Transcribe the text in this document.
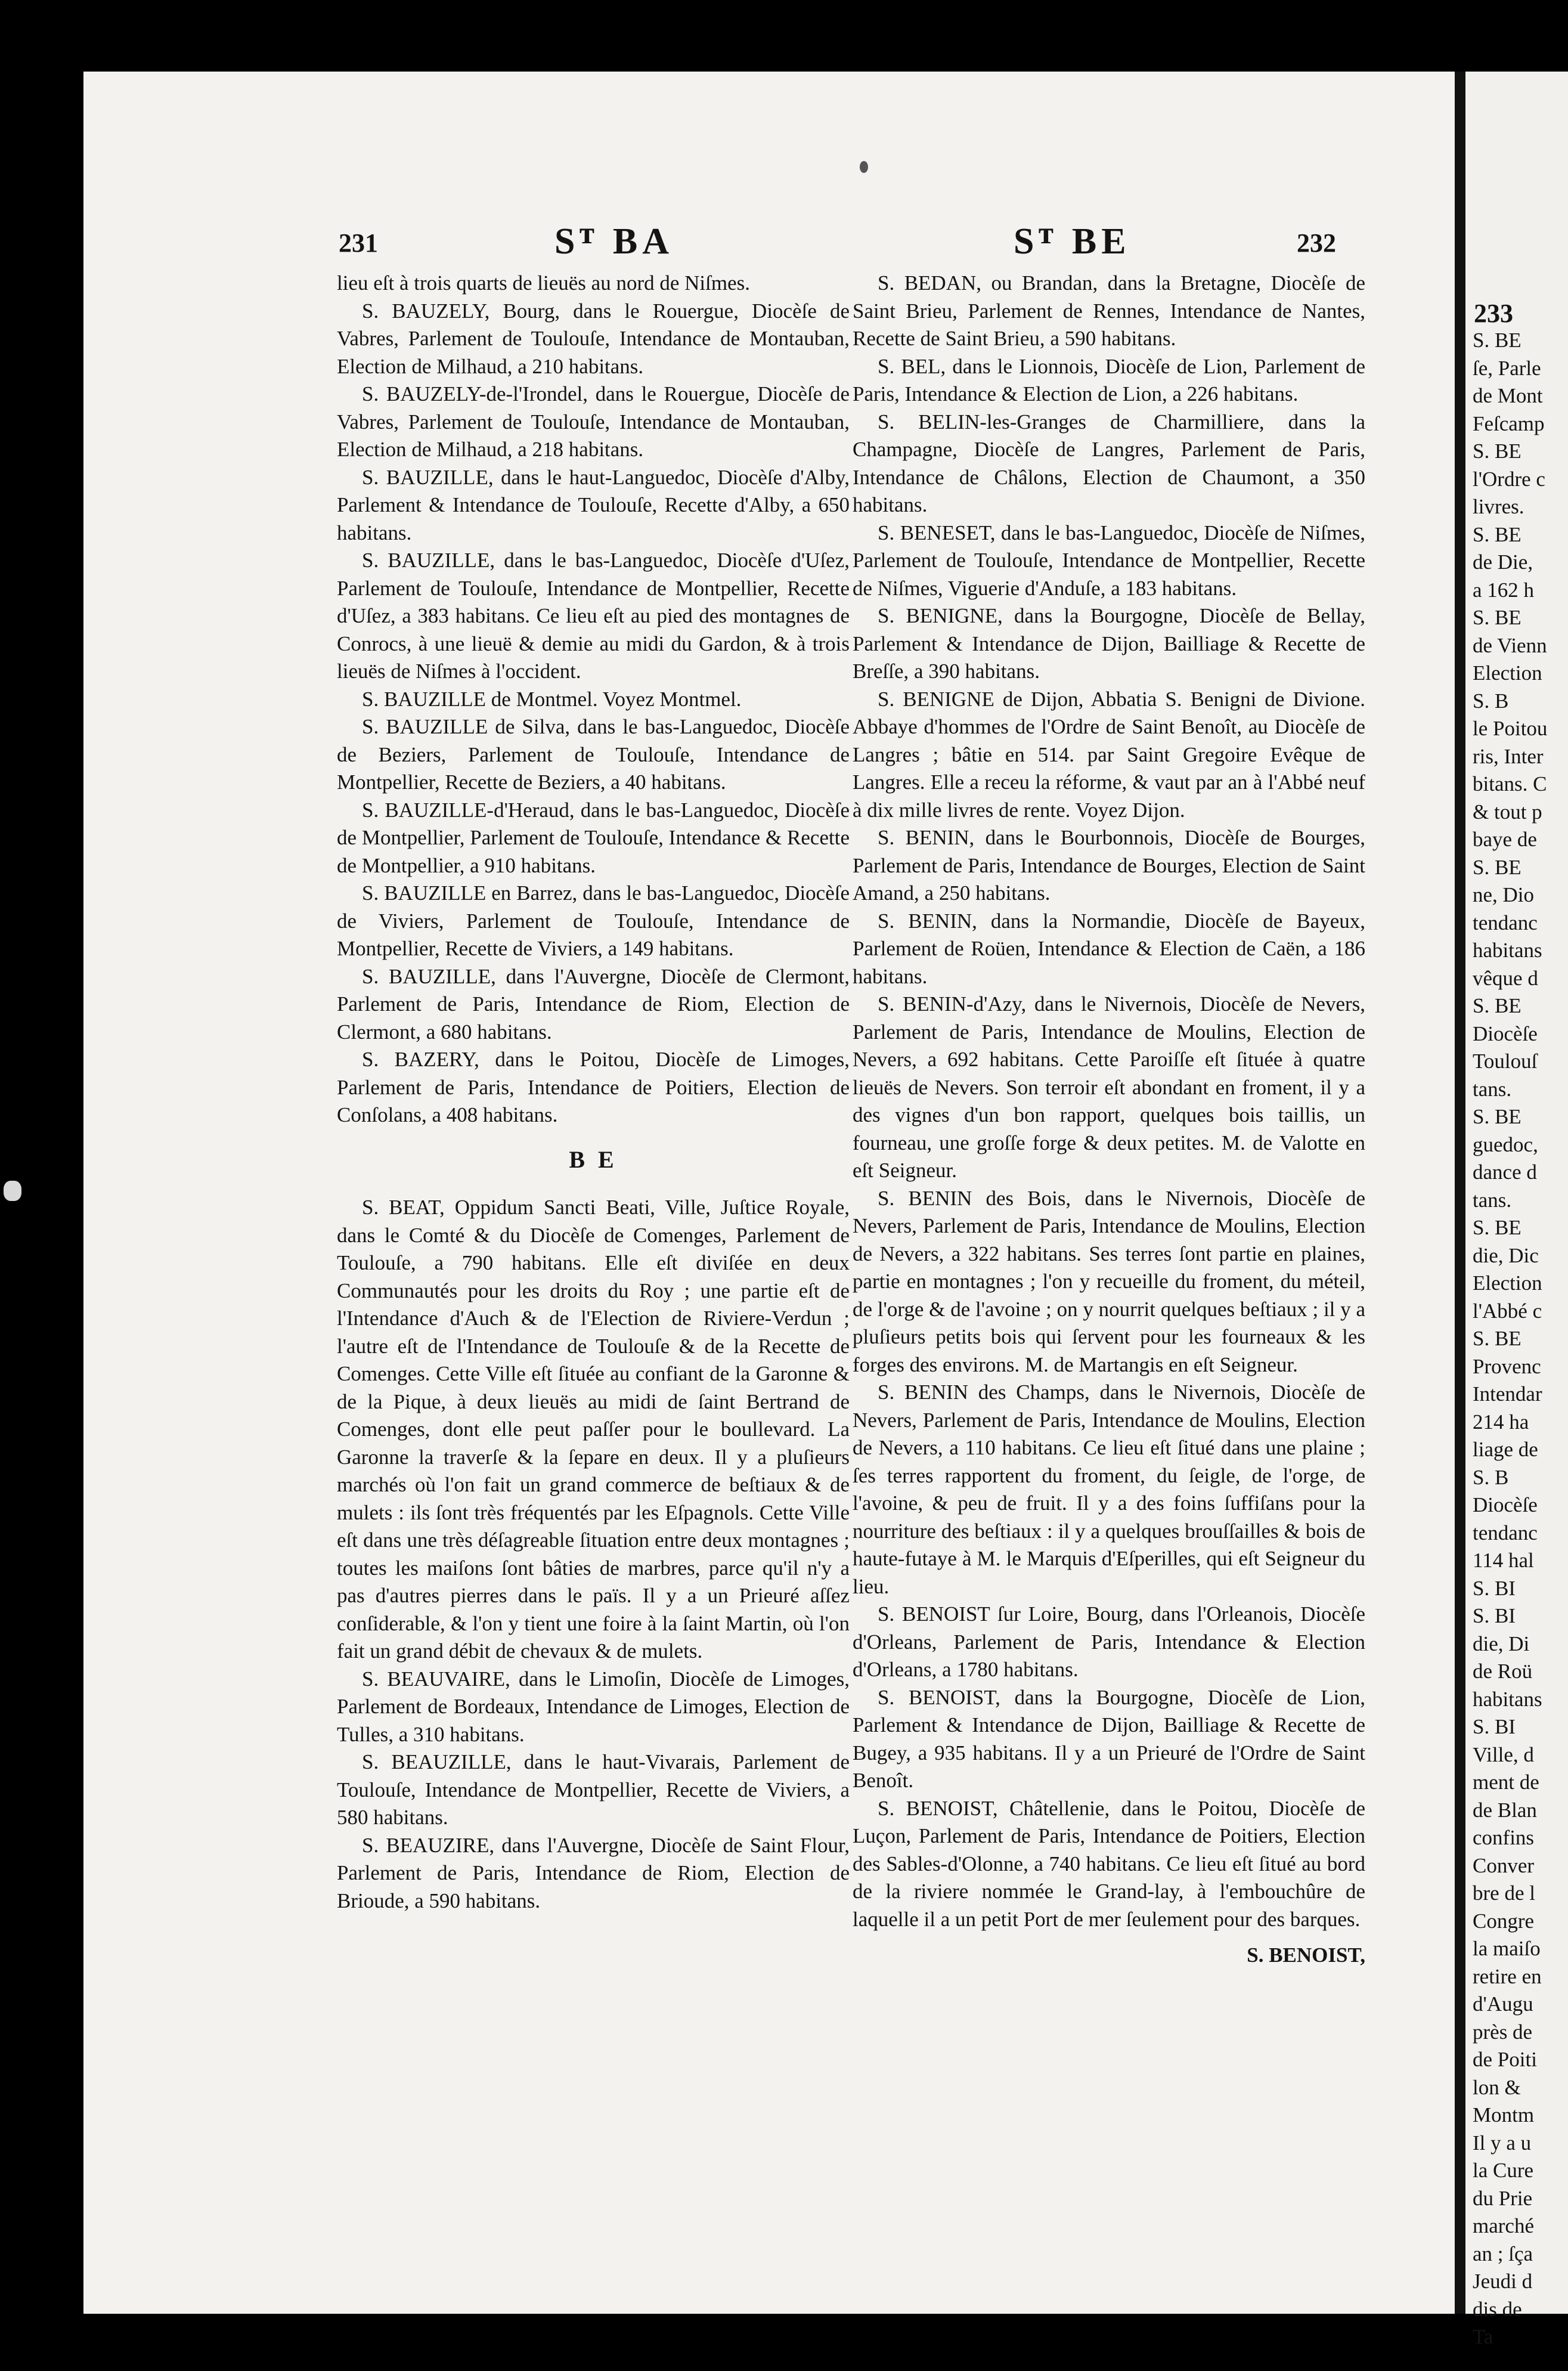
231	Sᵀ BA	Sᵀ BE	232

lieu eſt à trois quarts de lieuës au nord de Niſmes.

S. BAUZELY, Bourg, dans le Rouergue, Diocèſe de Vabres, Parlement de Toulouſe, Intendance de Montauban, Election de Milhaud, a 210 habitans.

S. BAUZELY-de-l'Irondel, dans le Rouergue, Diocèſe de Vabres, Parlement de Toulouſe, Intendance de Montauban, Election de Milhaud, a 218 habitans.

S. BAUZILLE, dans le haut-Languedoc, Diocèſe d'Alby, Parlement & Intendance de Toulouſe, Recette d'Alby, a 650 habitans.

S. BAUZILLE, dans le bas-Languedoc, Diocèſe d'Uſez, Parlement de Toulouſe, Intendance de Montpellier, Recette d'Uſez, a 383 habitans. Ce lieu eſt au pied des montagnes de Conrocs, à une lieuë & demie au midi du Gardon, & à trois lieuës de Niſmes à l'occident.

S. BAUZILLE de Montmel. Voyez Montmel.

S. BAUZILLE de Silva, dans le bas-Languedoc, Diocèſe de Beziers, Parlement de Toulouſe, Intendance de Montpellier, Recette de Beziers, a 40 habitans.

S. BAUZILLE-d'Heraud, dans le bas-Languedoc, Diocèſe de Montpellier, Parlement de Toulouſe, Intendance & Recette de Montpellier, a 910 habitans.

S. BAUZILLE en Barrez, dans le bas-Languedoc, Diocèſe de Viviers, Parlement de Toulouſe, Intendance de Montpellier, Recette de Viviers, a 149 habitans.

S. BAUZILLE, dans l'Auvergne, Diocèſe de Clermont, Parlement de Paris, Intendance de Riom, Election de Clermont, a 680 habitans.

S. BAZERY, dans le Poitou, Diocèſe de Limoges, Parlement de Paris, Intendance de Poitiers, Election de Conſolans, a 408 habitans.

B E

S. BEAT, Oppidum Sancti Beati, Ville, Juſtice Royale, dans le Comté & du Diocèſe de Comenges, Parlement de Toulouſe, a 790 habitans. Elle eſt diviſée en deux Communautés pour les droits du Roy ; une partie eſt de l'Intendance d'Auch & de l'Election de Riviere-Verdun ; l'autre eſt de l'Intendance de Toulouſe & de la Recette de Comenges. Cette Ville eſt ſituée au confiant de la Garonne & de la Pique, à deux lieuës au midi de ſaint Bertrand de Comenges, dont elle peut paſſer pour le boullevard. La Garonne la traverſe & la ſepare en deux. Il y a pluſieurs marchés où l'on fait un grand commerce de beſtiaux & de mulets : ils ſont très fréquentés par les Eſpagnols. Cette Ville eſt dans une très déſagreable ſituation entre deux montagnes ; toutes les maiſons ſont bâties de marbres, parce qu'il n'y a pas d'autres pierres dans le païs. Il y a un Prieuré aſſez conſiderable, & l'on y tient une foire à la ſaint Martin, où l'on fait un grand débit de chevaux & de mulets.

S. BEAUVAIRE, dans le Limoſin, Diocèſe de Limoges, Parlement de Bordeaux, Intendance de Limoges, Election de Tulles, a 310 habitans.

S. BEAUZILLE, dans le haut-Vivarais, Parlement de Toulouſe, Intendance de Montpellier, Recette de Viviers, a 580 habitans.

S. BEAUZIRE, dans l'Auvergne, Diocèſe de Saint Flour, Parlement de Paris, Intendance de Riom, Election de Brioude, a 590 habitans.

S. BEDAN, ou Brandan, dans la Bretagne, Diocèſe de Saint Brieu, Parlement de Rennes, Intendance de Nantes, Recette de Saint Brieu, a 590 habitans.

S. BEL, dans le Lionnois, Diocèſe de Lion, Parlement de Paris, Intendance & Election de Lion, a 226 habitans.

S. BELIN-les-Granges de Charmilliere, dans la Champagne, Diocèſe de Langres, Parlement de Paris, Intendance de Châlons, Election de Chaumont, a 350 habitans.

S. BENESET, dans le bas-Languedoc, Diocèſe de Niſmes, Parlement de Toulouſe, Intendance de Montpellier, Recette de Niſmes, Viguerie d'Anduſe, a 183 habitans.

S. BENIGNE, dans la Bourgogne, Diocèſe de Bellay, Parlement & Intendance de Dijon, Bailliage & Recette de Breſſe, a 390 habitans.

S. BENIGNE de Dijon, Abbatia S. Benigni de Divione. Abbaye d'hommes de l'Ordre de Saint Benoît, au Diocèſe de Langres ; bâtie en 514. par Saint Gregoire Evêque de Langres. Elle a receu la réforme, & vaut par an à l'Abbé neuf à dix mille livres de rente. Voyez Dijon.

S. BENIN, dans le Bourbonnois, Diocèſe de Bourges, Parlement de Paris, Intendance de Bourges, Election de Saint Amand, a 250 habitans.

S. BENIN, dans la Normandie, Diocèſe de Bayeux, Parlement de Roüen, Intendance & Election de Caën, a 186 habitans.

S. BENIN-d'Azy, dans le Nivernois, Diocèſe de Nevers, Parlement de Paris, Intendance de Moulins, Election de Nevers, a 692 habitans. Cette Paroiſſe eſt ſituée à quatre lieuës de Nevers. Son terroir eſt abondant en froment, il y a des vignes d'un bon rapport, quelques bois taillis, un fourneau, une groſſe forge & deux petites. M. de Valotte en eſt Seigneur.

S. BENIN des Bois, dans le Nivernois, Diocèſe de Nevers, Parlement de Paris, Intendance de Moulins, Election de Nevers, a 322 habitans. Ses terres ſont partie en plaines, partie en montagnes ; l'on y recueille du froment, du méteil, de l'orge & de l'avoine ; on y nourrit quelques beſtiaux ; il y a pluſieurs petits bois qui ſervent pour les fourneaux & les forges des environs. M. de Martangis en eſt Seigneur.

S. BENIN des Champs, dans le Nivernois, Diocèſe de Nevers, Parlement de Paris, Intendance de Moulins, Election de Nevers, a 110 habitans. Ce lieu eſt ſitué dans une plaine ; ſes terres rapportent du froment, du ſeigle, de l'orge, de l'avoine, & peu de fruit. Il y a des foins ſuffiſans pour la nourriture des beſtiaux : il y a quelques brouſſailles & bois de haute-futaye à M. le Marquis d'Eſperilles, qui eſt Seigneur du lieu.

S. BENOIST ſur Loire, Bourg, dans l'Orleanois, Diocèſe d'Orleans, Parlement de Paris, Intendance & Election d'Orleans, a 1780 habitans.

S. BENOIST, dans la Bourgogne, Diocèſe de Lion, Parlement & Intendance de Dijon, Bailliage & Recette de Bugey, a 935 habitans. Il y a un Prieuré de l'Ordre de Saint Benoît.

S. BENOIST, Châtellenie, dans le Poitou, Diocèſe de Luçon, Parlement de Paris, Intendance de Poitiers, Election des Sables-d'Olonne, a 740 habitans. Ce lieu eſt ſitué au bord de la riviere nommée le Grand-lay, à l'embouchûre de laquelle il a un petit Port de mer ſeulement pour des barques.

S. BENOIST,

233
S. BE
ſe, Parle
de Mont
Feſcamp
S. BE
l'Ordre c
livres.
S. BE
de Die,
a 162 h
S. BE
de Vienn
Election
S. B
le Poitou
ris, Inter
bitans. C
& tout p
baye de
S. BE
ne, Dio
tendanc
habitans
vêque d
S. BE
Diocèſe
Toulouſ
tans.
S. BE
guedoc,
dance d
tans.
S. BE
die, Dic
Election
l'Abbé c
S. BE
Provenc
Intendar
214 ha
liage de
S. B
Diocèſe
tendanc
114 hal
S. BI
S. BI
die, Di
de Roü
habitans
S. BI
Ville, d
ment de
de Blan
confins
Conver
bre de l
Congre
la maiſo
retire en
d'Augu
près de
de Poiti
lon &
Montm
Il y a u
la Cure
du Prie
marché
an ; ſça
Jeudi d
dis de
Ta
